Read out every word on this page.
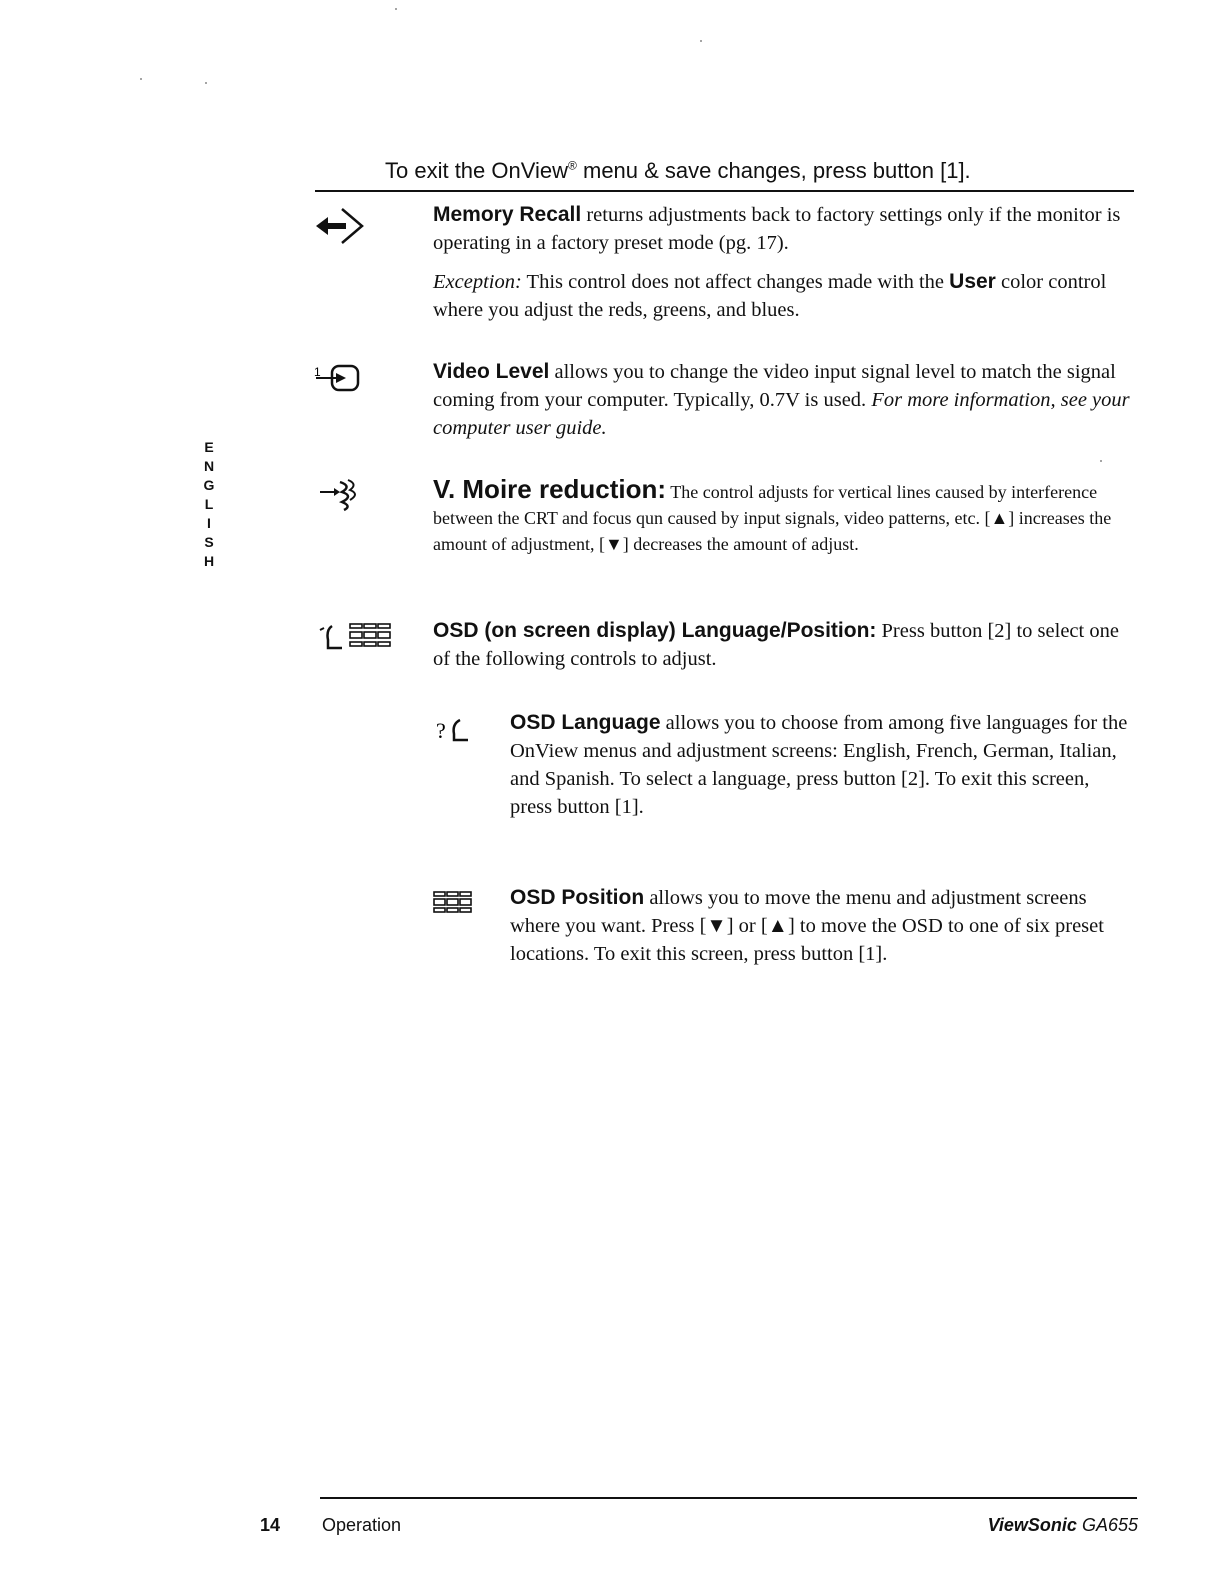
To exit the OnView® menu & save changes, press button [1].
E
N
G
L
I
S
H
Memory Recall returns adjustments back to factory settings only if the monitor is operating in a factory preset mode (pg. 17).
Exception: This control does not affect changes made with the User color control where you adjust the reds, greens, and blues.
1	Video Level allows you to change the video input signal level to match the signal coming from your computer. Typically, 0.7V is used. For more information, see your computer user guide.
V. Moire reduction: The control adjusts for vertical lines caused by interference between the CRT and focus qun caused by input signals, video patterns, etc. [▲] increases the amount of adjustment, [▼] decreases the amount of adjust.
OSD (on screen display) Language/Position: Press button [2] to select one of the following controls to adjust.
?	OSD Language allows you to choose from among five languages for the OnView menus and adjustment screens: English, French, German, Italian, and Spanish. To select a language, press button [2]. To exit this screen, press button [1].
OSD Position allows you to move the menu and adjustment screens where you want. Press [▼] or [▲] to move the OSD to one of six preset locations. To exit this screen, press button [1].
14 Operation	ViewSonic GA655
